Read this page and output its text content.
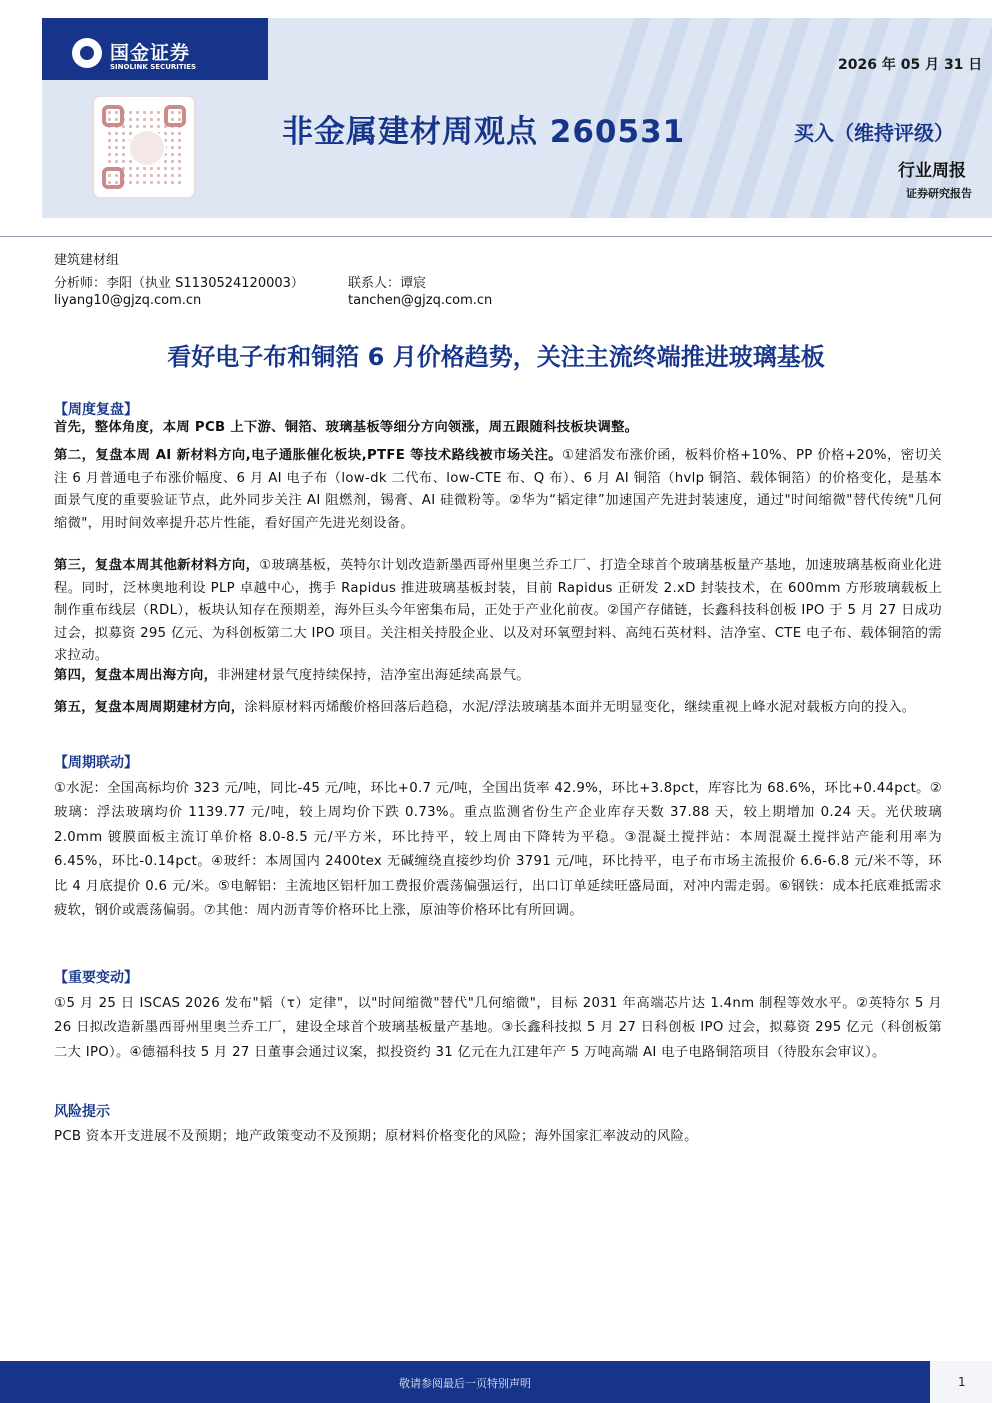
国金证券
SINOLINK SECURITIES	2026 年 05 月 31 日
非金属建材周观点 260531	买入（维持评级）
行业周报
证券研究报告
建筑建材组
分析师：李阳（执业 S1130524120003）
liyang10@gjzq.com.cn
联系人：谭宸
tanchen@gjzq.com.cn
看好电子布和铜箔 6 月价格趋势，关注主流终端推进玻璃基板
【周度复盘】
首先，整体角度，本周 PCB 上下游、铜箔、玻璃基板等细分方向领涨，周五跟随科技板块调整。
第二，复盘本周 AI 新材料方向,电子通胀催化板块,PTFE 等技术路线被市场关注。①建滔发布涨价函，板料价格+10%、PP 价格+20%，密切关注 6 月普通电子布涨价幅度、6 月 AI 电子布（low-dk 二代布、low-CTE 布、Q 布）、6 月 AI 铜箔（hvlp 铜箔、载体铜箔）的价格变化，是基本面景气度的重要验证节点，此外同步关注 AI 阻燃剂，锡膏、AI 硅微粉等。②华为“韬定律”加速国产先进封装速度，通过"时间缩微"替代传统"几何缩微"，用时间效率提升芯片性能，看好国产先进光刻设备。
第三，复盘本周其他新材料方向，①玻璃基板，英特尔计划改造新墨西哥州里奥兰乔工厂、打造全球首个玻璃基板量产基地，加速玻璃基板商业化进程。同时，泛林奥地利设 PLP 卓越中心，携手 Rapidus 推进玻璃基板封装，目前 Rapidus 正研发 2.xD 封装技术，在 600mm 方形玻璃载板上制作重布线层（RDL），板块认知存在预期差，海外巨头今年密集布局，正处于产业化前夜。②国产存储链，长鑫科技科创板 IPO 于 5 月 27 日成功过会，拟募资 295 亿元、为科创板第二大 IPO 项目。关注相关持股企业、以及对环氧塑封料、高纯石英材料、洁净室、CTE 电子布、载体铜箔的需求拉动。
第四，复盘本周出海方向，非洲建材景气度持续保持，洁净室出海延续高景气。
第五，复盘本周周期建材方向，涂料原材料丙烯酸价格回落后趋稳，水泥/浮法玻璃基本面并无明显变化，继续重视上峰水泥对载板方向的投入。
【周期联动】
①水泥：全国高标均价 323 元/吨，同比-45 元/吨，环比+0.7 元/吨，全国出货率 42.9%，环比+3.8pct，库容比为 68.6%，环比+0.44pct。②玻璃：浮法玻璃均价 1139.77 元/吨，较上周均价下跌 0.73%。重点监测省份生产企业库存天数 37.88 天，较上期增加 0.24 天。光伏玻璃 2.0mm 镀膜面板主流订单价格 8.0-8.5 元/平方米，环比持平，较上周由下降转为平稳。③混凝土搅拌站：本周混凝土搅拌站产能利用率为 6.45%，环比-0.14pct。④玻纤：本周国内 2400tex 无碱缠绕直接纱均价 3791 元/吨，环比持平，电子布市场主流报价 6.6-6.8 元/米不等，环比 4 月底提价 0.6 元/米。⑤电解铝：主流地区铝杆加工费报价震荡偏强运行，出口订单延续旺盛局面，对冲内需走弱。⑥钢铁：成本托底难抵需求疲软，钢价或震荡偏弱。⑦其他：周内沥青等价格环比上涨，原油等价格环比有所回调。
【重要变动】
①5 月 25 日 ISCAS 2026 发布"韬（τ）定律"，以"时间缩微"替代"几何缩微"，目标 2031 年高端芯片达 1.4nm 制程等效水平。②英特尔 5 月 26 日拟改造新墨西哥州里奥兰乔工厂，建设全球首个玻璃基板量产基地。③长鑫科技拟 5 月 27 日科创板 IPO 过会，拟募资 295 亿元（科创板第二大 IPO）。④德福科技 5 月 27 日董事会通过议案，拟投资约 31 亿元在九江建年产 5 万吨高端 AI 电子电路铜箔项目（待股东会审议）。
风险提示
PCB 资本开支进展不及预期；地产政策变动不及预期；原材料价格变化的风险；海外国家汇率波动的风险。
敬请参阅最后一页特别声明	1
